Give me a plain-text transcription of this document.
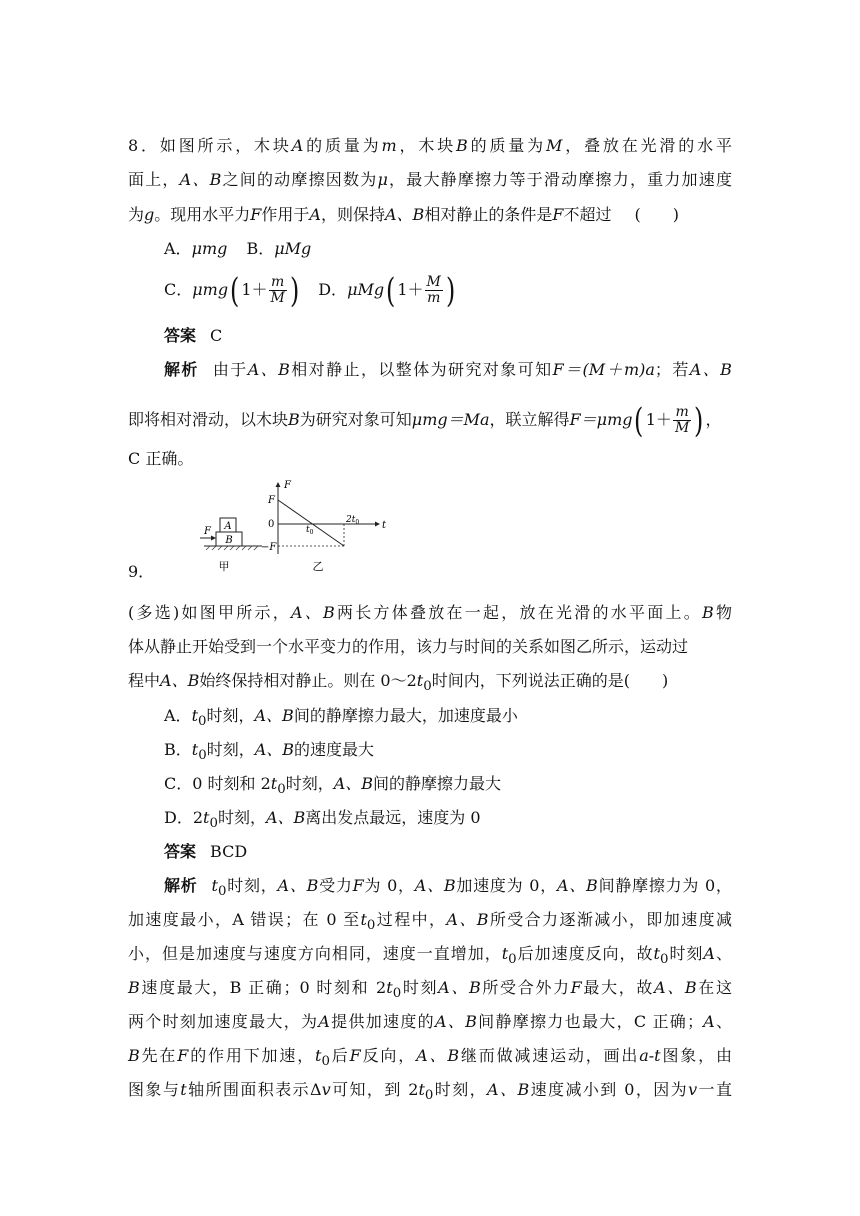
8．如图所示，木块A的质量为m，木块B的质量为M，叠放在光滑的水平
面上，A、B之间的动摩擦因数为μ，最大静摩擦力等于滑动摩擦力，重力加速度
为g。现用水平力F作用于A，则保持A、B相对静止的条件是F不超过 (　　)
A．μmg B．μMg
C．μmg( $1+ \frac{m}{M}$ ) D．μMg( $1+ \frac{M}{m}$ )
答案 C
解析 由于A、B相对静止，以整体为研究对象可知F＝(M＋m)a；若A、B
即将相对滑动，以木块B为研究对象可知μmg＝Ma，联立解得F＝μmg( $1+ \frac{m}{M}$ ) ，
C 正确。
9．
A
B
F
甲
F
t
F
0
−F
$t_0$
$2t_0$
乙
(多选)如图甲所示，A、B两长方体叠放在一起，放在光滑的水平面上。B物
体从静止开始受到一个水平变力的作用，该力与时间的关系如图乙所示，运动过
程中A、B始终保持相对静止。则在 $0\sim 2t_0$时间内，下列说法正确的是(　　)
A．$t_0$时刻，A、B间的静摩擦力最大，加速度最小
B．$t_0$时刻，A、B的速度最大
C．0 时刻和 $2t_0$时刻，A、B间的静摩擦力最大
D．$2t_0$时刻，A、B离出发点最远，速度为 0
答案 BCD
解析 $t_0$时刻，A、B受力F为 0，A、B加速度为 0，A、B间静摩擦力为 0，
加速度最小，A 错误；在 0 至$t_0$过程中，A、B所受合力逐渐减小，即加速度减
小，但是加速度与速度方向相同，速度一直增加，$t_0$后加速度反向，故$t_0$时刻A、
B速度最大，B 正确；0 时刻和 $2t_0$时刻A、B所受合外力F最大，故A、B在这
两个时刻加速度最大，为A提供加速度的A、B间静摩擦力也最大，C 正确；A、
B先在F的作用下加速，$t_0$后F反向，A、B继而做减速运动，画出a-t图象，由
图象与t轴所围面积表示Δv可知，到 $2t_0$时刻，A、B速度减小到 0，因为v一直
